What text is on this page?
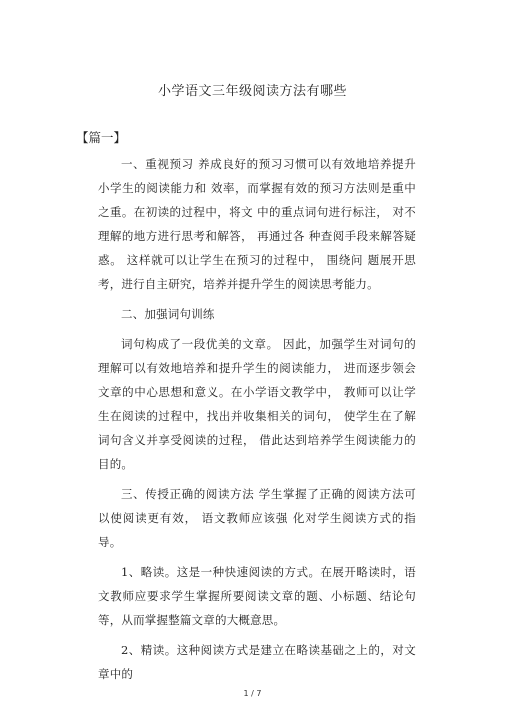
小学语文三年级阅读方法有哪些
【篇一】

一、重视预习 养成良好的预习习惯可以有效地培养提升小学生的阅读能力和 效率，而掌握有效的预习方法则是重中之重。在初读的过程中，将文 中的重点词句进行标注， 对不理解的地方进行思考和解答， 再通过各 种查阅手段来解答疑惑。 这样就可以让学生在预习的过程中， 围绕问 题展开思考，进行自主研究，培养并提升学生的阅读思考能力。

二、加强词句训练

词句构成了一段优美的文章。 因此，加强学生对词句的理解可以有效地培养和提升学生的阅读能力， 进而逐步领会文章的中心思想和意义。在小学语文教学中， 教师可以让学生在阅读的过程中，找出并收集相关的词句， 使学生在了解词句含义并享受阅读的过程， 借此达到培养学生阅读能力的目的。

三、传授正确的阅读方法 学生掌握了正确的阅读方法可以使阅读更有效， 语文教师应该强 化对学生阅读方式的指导。

1、略读。这是一种快速阅读的方式。在展开略读时，语文教师应要求学生掌握所要阅读文章的题、小标题、结论句等，从而掌握整篇文章的大概意思。

2、精读。这种阅读方式是建立在略读基础之上的，对文章中的

1 / 7
